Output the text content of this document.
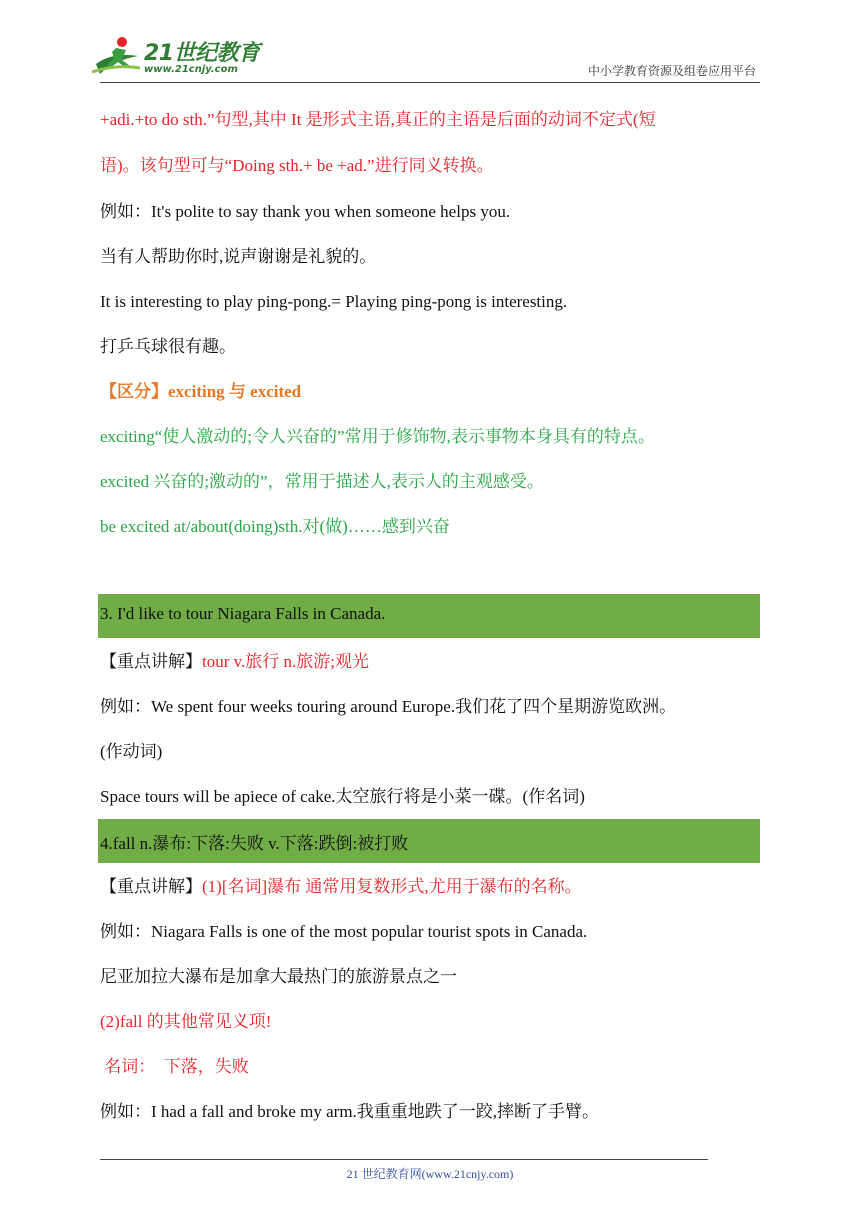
21世纪教育
www.21cnjy.com	中小学教育资源及组卷应用平台
+adi.+to do sth.”句型,其中 It 是形式主语,真正的主语是后面的动词不定式(短
语)。该句型可与“Doing sth.+ be +ad.”进行同义转换。
例如：It's polite to say thank you when someone helps you.
当有人帮助你时,说声谢谢是礼貌的。
It is interesting to play ping-pong.= Playing ping-pong is interesting.
打乒乓球很有趣。
【区分】exciting 与 excited
exciting“使人激动的;令人兴奋的”常用于修饰物,表示事物本身具有的特点。
excited 兴奋的;激动的”，常用于描述人,表示人的主观感受。
be excited at/about(doing)sth.对(做)……感到兴奋
3. I'd like to tour Niagara Falls in Canada.
【重点讲解】tour v.旅行 n.旅游;观光
例如：We spent four weeks touring around Europe.我们花了四个星期游览欧洲。
(作动词)
Space tours will be apiece of cake.太空旅行将是小菜一碟。(作名词)
4.fall n.瀑布:下落:失败 v.下落:跌倒:被打败
【重点讲解】(1)[名词]瀑布 通常用复数形式,尤用于瀑布的名称。
例如：Niagara Falls is one of the most popular tourist spots in Canada.
尼亚加拉大瀑布是加拿大最热门的旅游景点之一
(2)fall 的其他常见义项!
名词：  下落，失败
例如：I had a fall and broke my arm.我重重地跌了一跤,摔断了手臂。
21 世纪教育网(www.21cnjy.com)
